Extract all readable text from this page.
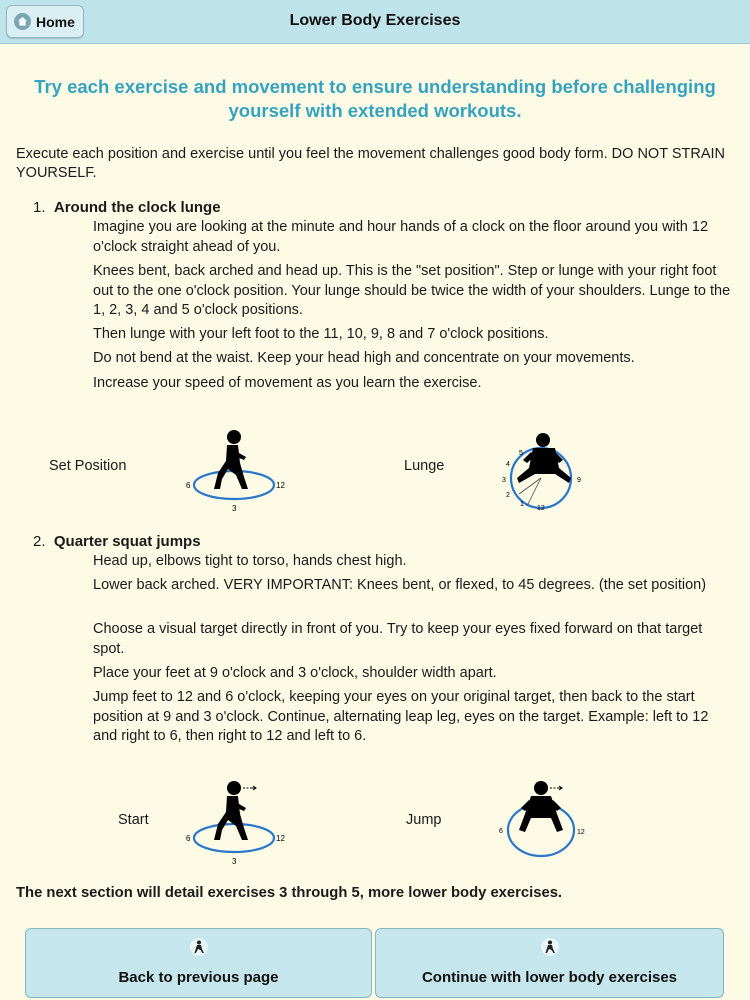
Home	Lower Body Exercises
Try each exercise and movement to ensure understanding before challenging yourself with extended workouts.
Execute each position and exercise until you feel the movement challenges good body form. DO NOT STRAIN YOURSELF.
1. Around the clock lunge
Imagine you are looking at the minute and hour hands of a clock on the floor around you with 12 o'clock straight ahead of you.
Knees bent, back arched and head up. This is the "set position". Step or lunge with your right foot out to the one o'clock position. Your lunge should be twice the width of your shoulders. Lunge to the 1, 2, 3, 4 and 5 o'clock positions.
Then lunge with your left foot to the 11, 10, 9, 8 and 7 o'clock positions.
Do not bend at the waist. Keep your head high and concentrate on your movements.
Increase your speed of movement as you learn the exercise.
Set Position
6	12
3
Lunge
5
4
3
2
1
12
9
2. Quarter squat jumps
Head up, elbows tight to torso, hands chest high.
Lower back arched. VERY IMPORTANT: Knees bent, or flexed, to 45 degrees. (the set position)
Choose a visual target directly in front of you. Try to keep your eyes fixed forward on that target spot.
Place your feet at 9 o'clock and 3 o'clock, shoulder width apart.
Jump feet to 12 and 6 o'clock, keeping your eyes on your original target, then back to the start position at 9 and 3 o'clock. Continue, alternating leap leg, eyes on the target. Example: left to 12 and right to 6, then right to 12 and left to 6.
Start
6	12
3
Jump
6	12
The next section will detail exercises 3 through 5, more lower body exercises.
Back to previous page	Continue with lower body exercises
